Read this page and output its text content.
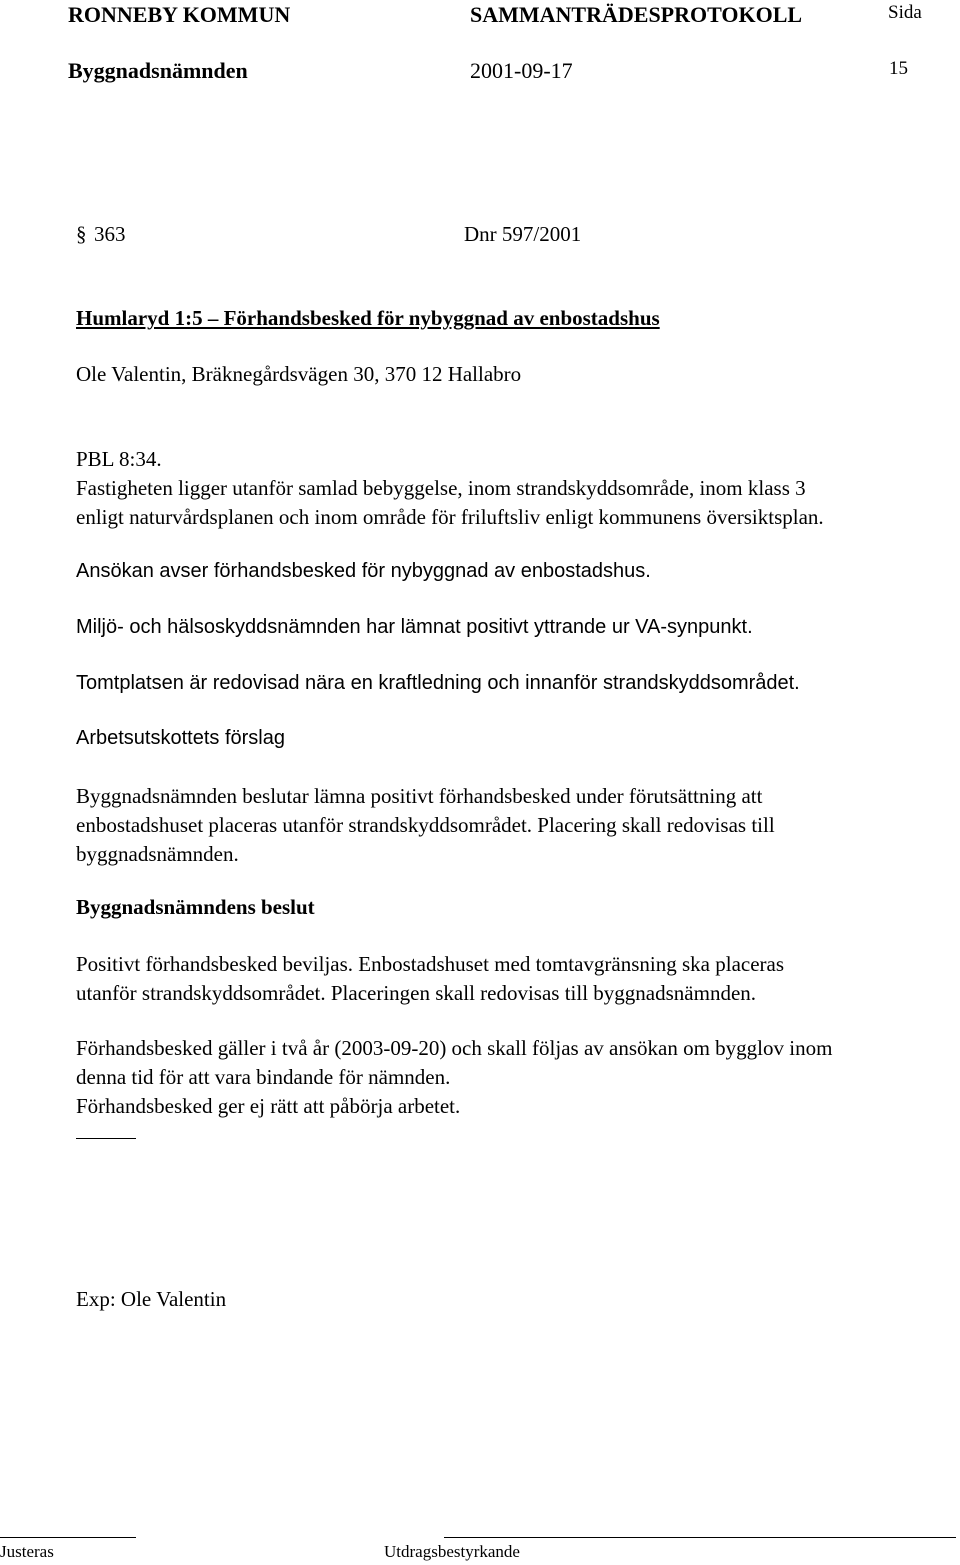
RONNEBY KOMMUN	SAMMANTRÄDESPROTOKOLL	Sida
Byggnadsnämnden	2001-09-17	15
§ 363	Dnr 597/2001
Humlaryd 1:5 – Förhandsbesked för nybyggnad av enbostadshus
Ole Valentin, Bräknegårdsvägen 30, 370 12 Hallabro
PBL 8:34.
Fastigheten ligger utanför samlad bebyggelse, inom strandskyddsområde, inom klass 3
enligt naturvårdsplanen och inom område för friluftsliv enligt kommunens översiktsplan.
Ansökan avser förhandsbesked för nybyggnad av enbostadshus.
Miljö- och hälsoskyddsnämnden har lämnat positivt yttrande ur VA-synpunkt.
Tomtplatsen är redovisad nära en kraftledning och innanför strandskyddsområdet.
Arbetsutskottets förslag
Byggnadsnämnden beslutar lämna positivt förhandsbesked under förutsättning att
enbostadshuset placeras utanför strandskyddsområdet. Placering skall redovisas till
byggnadsnämnden.
Byggnadsnämndens beslut
Positivt förhandsbesked beviljas. Enbostadshuset med tomtavgränsning ska placeras
utanför strandskyddsområdet. Placeringen skall redovisas till byggnadsnämnden.
Förhandsbesked gäller i två år (2003-09-20) och skall följas av ansökan om bygglov inom
denna tid för att vara bindande för nämnden.
Förhandsbesked ger ej rätt att påbörja arbetet.
Exp: Ole Valentin
Justeras	Utdragsbestyrkande
